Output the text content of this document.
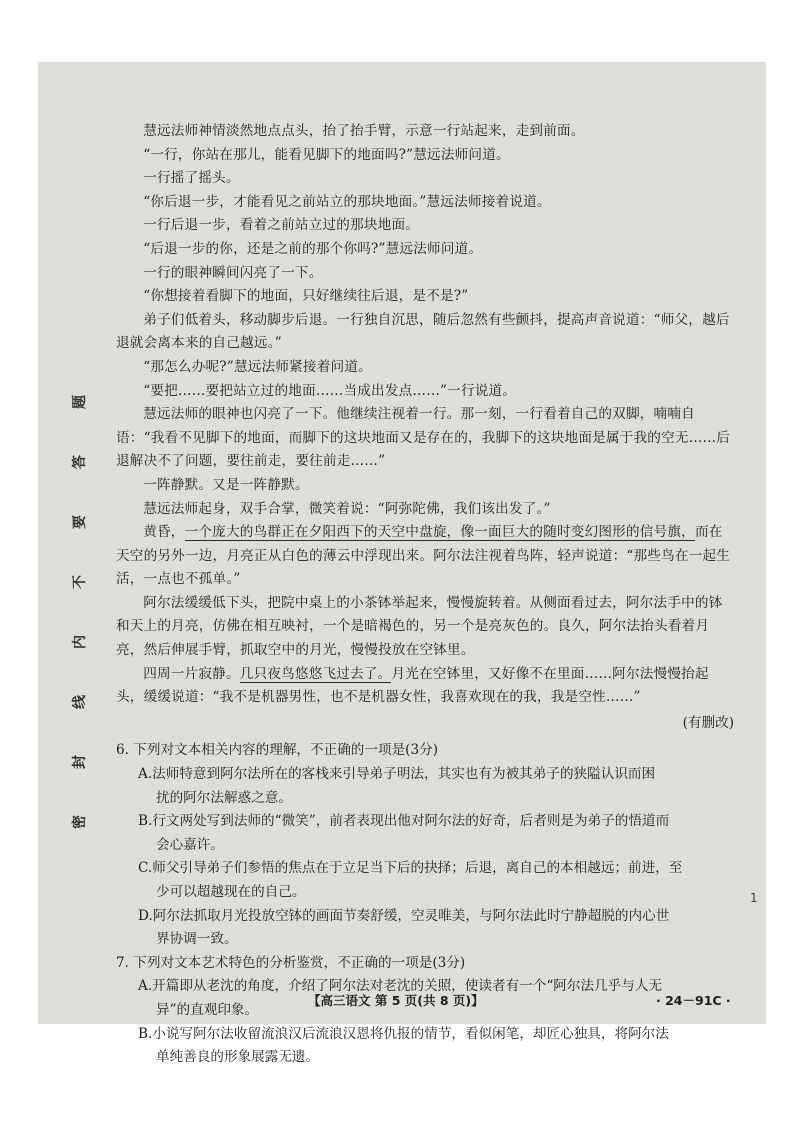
题
答
要
不
内
线
封
密

慧远法师神情淡然地点点头，抬了抬手臂，示意一行站起来，走到前面。

“一行，你站在那儿，能看见脚下的地面吗?”慧远法师问道。

一行摇了摇头。

“你后退一步，才能看见之前站立的那块地面。”慧远法师接着说道。

一行后退一步，看着之前站立过的那块地面。

“后退一步的你，还是之前的那个你吗?”慧远法师问道。

一行的眼神瞬间闪亮了一下。

“你想接着看脚下的地面，只好继续往后退，是不是?”

弟子们低着头，移动脚步后退。一行独自沉思，随后忽然有些颤抖，提高声音说道：“师父，越后退就会离本来的自己越远。”

“那怎么办呢?”慧远法师紧接着问道。

“要把……要把站立过的地面……当成出发点……”一行说道。

慧远法师的眼神也闪亮了一下。他继续注视着一行。那一刻，一行看着自己的双脚，喃喃自语：“我看不见脚下的地面，而脚下的这块地面又是存在的，我脚下的这块地面是属于我的空无……后退解决不了问题，要往前走，要往前走……”

一阵静默。又是一阵静默。

慧远法师起身，双手合掌，微笑着说：“阿弥陀佛，我们该出发了。”

黄昏，一个庞大的鸟群正在夕阳西下的天空中盘旋，像一面巨大的随时变幻图形的信号旗，而在天空的另外一边，月亮正从白色的薄云中浮现出来。阿尔法注视着鸟阵，轻声说道：“那些鸟在一起生活，一点也不孤单。”

阿尔法缓缓低下头，把院中桌上的小茶钵举起来，慢慢旋转着。从侧面看过去，阿尔法手中的钵和天上的月亮，仿佛在相互映衬，一个是暗褐色的，另一个是亮灰色的。良久，阿尔法抬头看着月亮，然后伸展手臂，抓取空中的月光，慢慢投放在空钵里。

四周一片寂静。几只夜鸟悠悠飞过去了。月光在空钵里，又好像不在里面……阿尔法慢慢抬起头，缓缓说道：“我不是机器男性，也不是机器女性，我喜欢现在的我，我是空性……”

(有删改)

6. 下列对文本相关内容的理解，不正确的一项是(3分)

A.法师特意到阿尔法所在的客栈来引导弟子明法，其实也有为被其弟子的狭隘认识而困
扰的阿尔法解惑之意。

B.行文两处写到法师的“微笑”，前者表现出他对阿尔法的好奇，后者则是为弟子的悟道而
会心嘉许。

C.师父引导弟子们参悟的焦点在于立足当下后的抉择；后退，离自己的本相越远；前进，至
少可以超越现在的自己。

D.阿尔法抓取月光投放空钵的画面节奏舒缓，空灵唯美，与阿尔法此时宁静超脱的内心世
界协调一致。

7. 下列对文本艺术特色的分析鉴赏，不正确的一项是(3分)

A.开篇即从老沈的角度，介绍了阿尔法对老沈的关照，使读者有一个“阿尔法几乎与人无
异”的直观印象。

B.小说写阿尔法收留流浪汉后流浪汉恩将仇报的情节，看似闲笔，却匠心独具，将阿尔法
单纯善良的形象展露无遗。

1
【高三语文 第 5 页(共 8 页)】	· 24－91C ·
